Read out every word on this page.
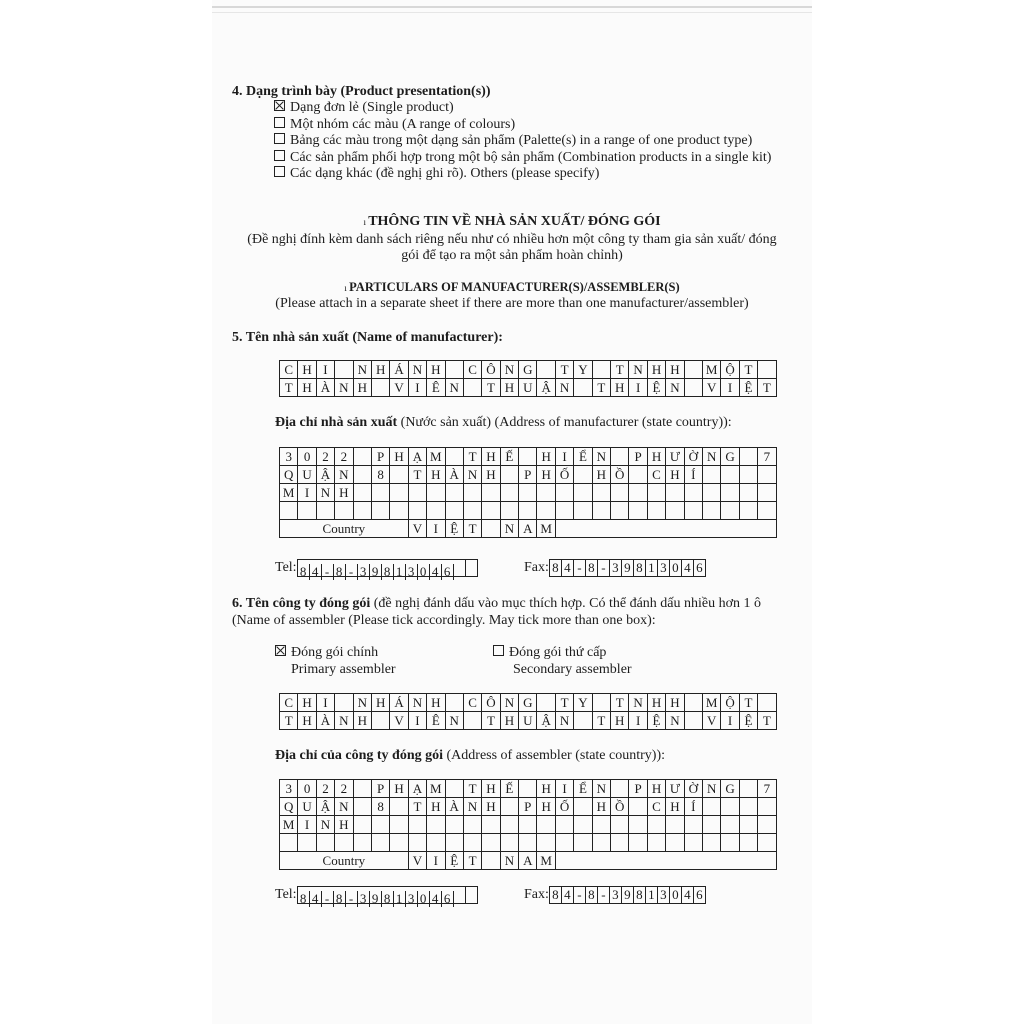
4. Dạng trình bày (Product presentation(s))
Dạng đơn lẻ (Single product)
Một nhóm các màu (A range of colours)
Bảng các màu trong một dạng sản phẩm (Palette(s) in a range of one product type)
Các sản phẩm phối hợp trong một bộ sản phẩm (Combination products in a single kit)
Các dạng khác (đề nghị ghi rõ). Others (please specify)
ı THÔNG TIN VỀ NHÀ SẢN XUẤT/ ĐÓNG GÓI
(Đề nghị đính kèm danh sách riêng nếu như có nhiều hơn một công ty tham gia sản xuất/ đóng
gói để tạo ra một sản phẩm hoàn chỉnh)
ı PARTICULARS OF MANUFACTURER(S)/ASSEMBLER(S)
(Please attach in a separate sheet if there are more than one manufacturer/assembler)
5. Tên nhà sản xuất (Name of manufacturer):
C	H	I		N	H	Á	N	H		C	Ô	N	G		T	Y		T	N	H	H		M	Ộ	T	
T	H	À	N	H		V	I	Ê	N		T	H	U	Ậ	N		T	H	I	Ệ	N		V	I	Ệ	T
Địa chỉ nhà sản xuất (Nước sản xuất) (Address of manufacturer (state country)):
3	0	2	2		P	H	Ạ	M		T	H	Ế		H	I	Ể	N		P	H	Ư	Ờ	N	G		7
Q	U	Ậ	N		8		T	H	À	N	H		P	H	Ố		H	Ồ		C	H	Í				
M	I	N	H																							

Country							V	I	Ệ	T		N	A	M												
Tel: 8 4 - 8 - 3 9 8 1 3 0 4 6	Fax: 8 4 - 8 - 3 9 8 1 3 0 4 6
6. Tên công ty đóng gói (đề nghị đánh dấu vào mục thích hợp. Có thể đánh dấu nhiều hơn 1 ô
(Name of assembler (Please tick accordingly. May tick more than one box):
Đóng gói chính
Primary assembler
Đóng gói thứ cấp
Secondary assembler
C	H	I		N	H	Á	N	H		C	Ô	N	G		T	Y		T	N	H	H		M	Ộ	T	
T	H	À	N	H		V	I	Ê	N		T	H	U	Ậ	N		T	H	I	Ệ	N		V	I	Ệ	T
Địa chỉ của công ty đóng gói (Address of assembler (state country)):
3	0	2	2		P	H	Ạ	M		T	H	Ế		H	I	Ể	N		P	H	Ư	Ờ	N	G		7
Q	U	Ậ	N		8		T	H	À	N	H		P	H	Ố		H	Ồ		C	H	Í				
M	I	N	H																							

Country							V	I	Ệ	T		N	A	M												
Tel: 8 4 - 8 - 3 9 8 1 3 0 4 6	Fax: 8 4 - 8 - 3 9 8 1 3 0 4 6
